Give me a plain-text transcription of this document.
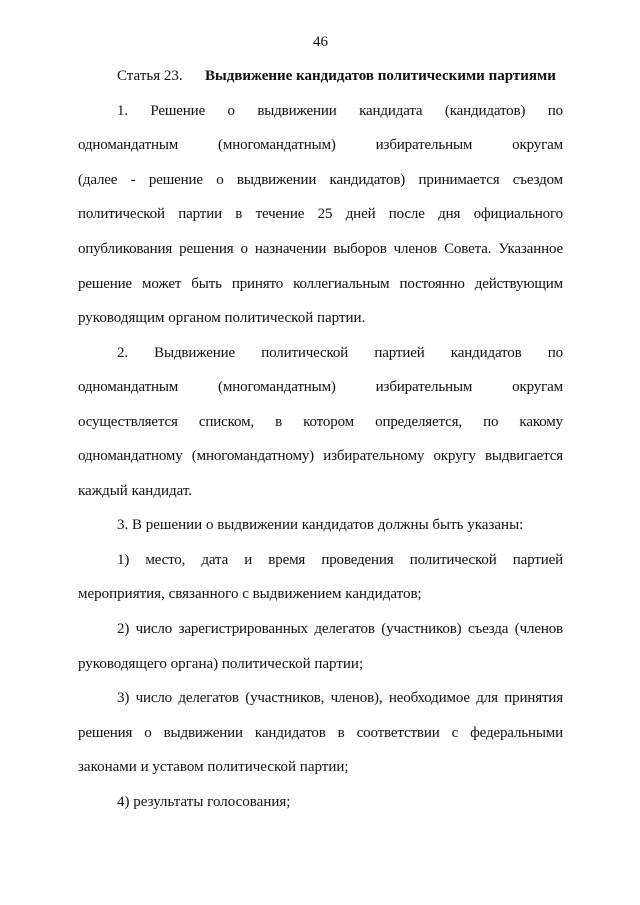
46
Статья 23. Выдвижение кандидатов политическими партиями
1. Решение о выдвижении кандидата (кандидатов) по
одномандатным (многомандатным) избирательным округам
(далее - решение о выдвижении кандидатов) принимается съездом
политической партии в течение 25 дней после дня официального
опубликования решения о назначении выборов членов Совета. Указанное
решение может быть принято коллегиальным постоянно действующим
руководящим органом политической партии.
2. Выдвижение политической партией кандидатов по
одномандатным (многомандатным) избирательным округам
осуществляется списком, в котором определяется, по какому
одномандатному (многомандатному) избирательному округу выдвигается
каждый кандидат.
3. В решении о выдвижении кандидатов должны быть указаны:
1) место, дата и время проведения политической партией
мероприятия, связанного с выдвижением кандидатов;
2) число зарегистрированных делегатов (участников) съезда (членов
руководящего органа) политической партии;
3) число делегатов (участников, членов), необходимое для принятия
решения о выдвижении кандидатов в соответствии с федеральными
законами и уставом политической партии;
4) результаты голосования;
